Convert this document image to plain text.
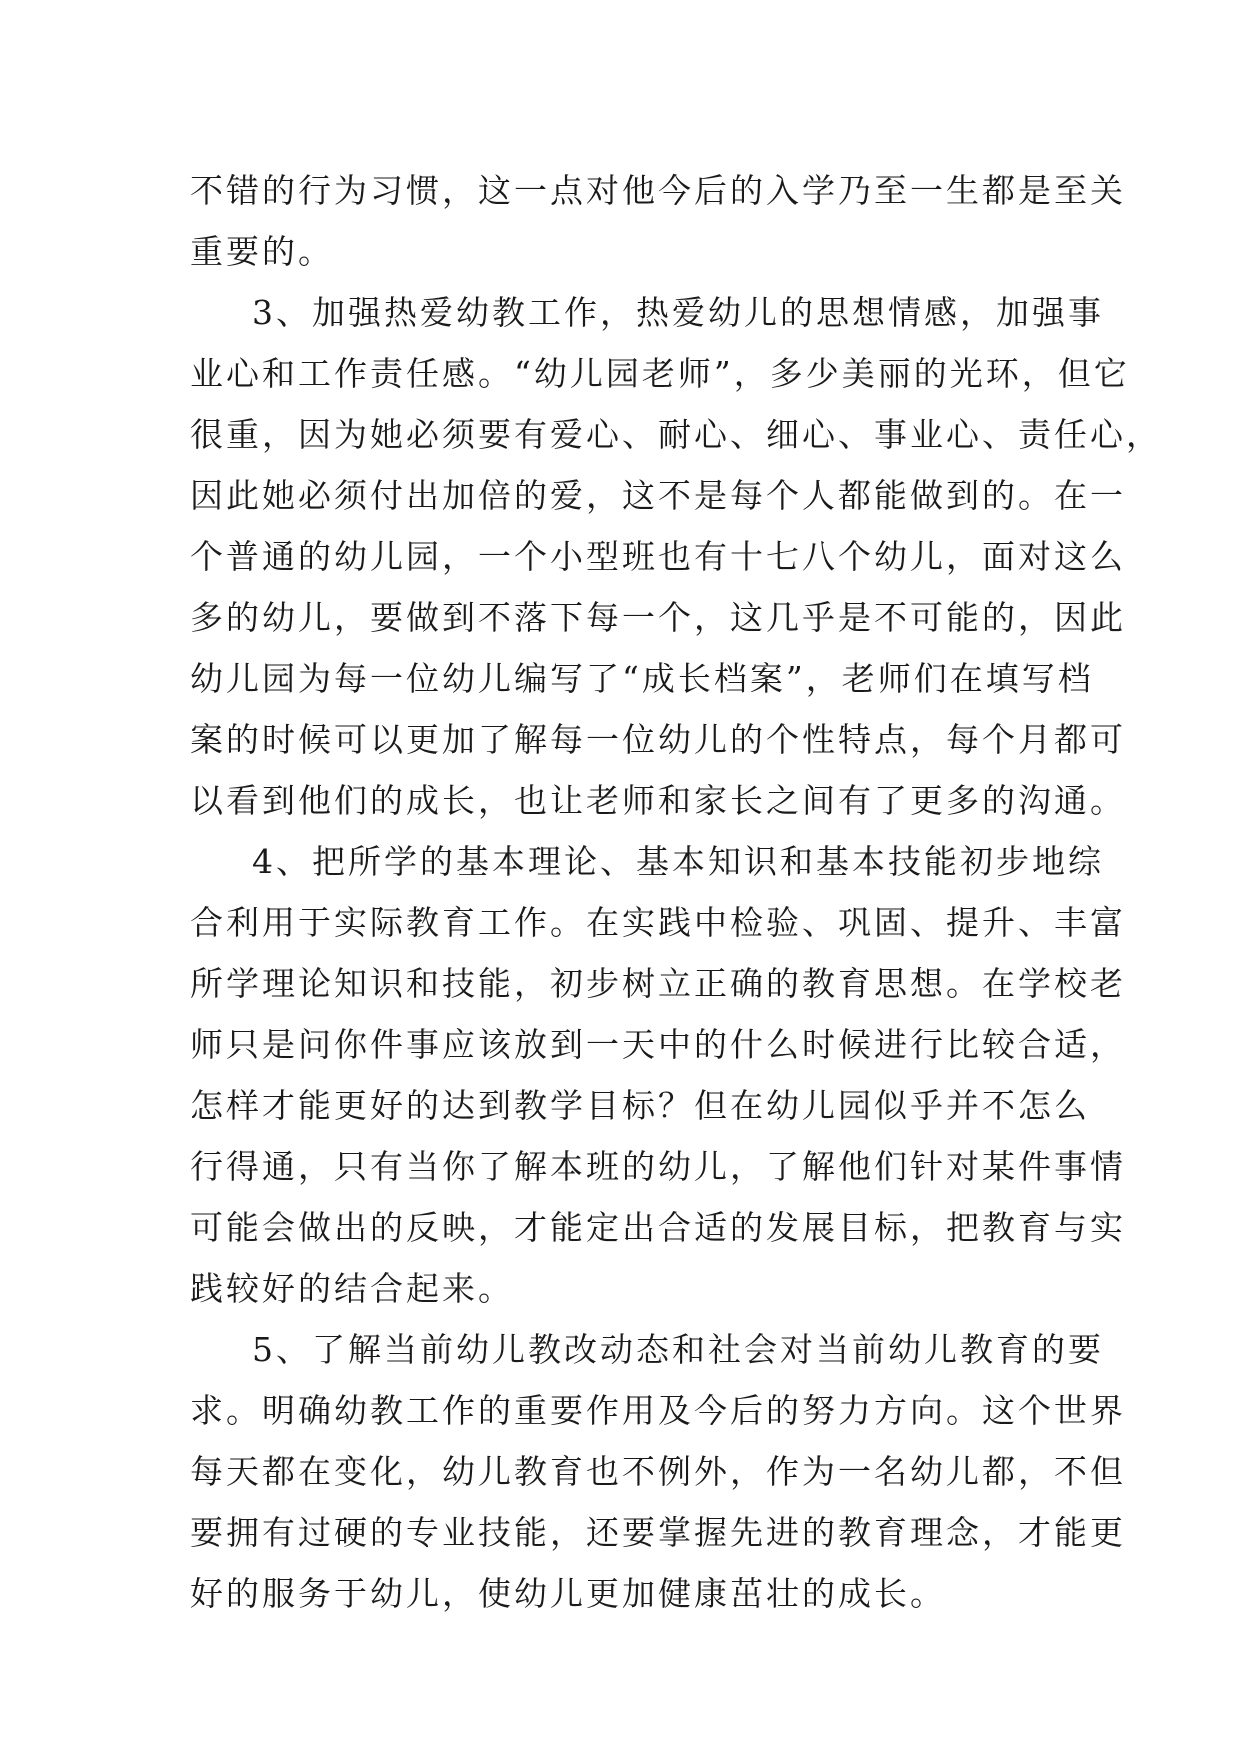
不错的行为习惯，这一点对他今后的入学乃至一生都是至关
重要的。
3、加强热爱幼教工作，热爱幼儿的思想情感，加强事
业心和工作责任感。“幼儿园老师”，多少美丽的光环，但它
很重，因为她必须要有爱心、耐心、细心、事业心、责任心，
因此她必须付出加倍的爱，这不是每个人都能做到的。在一
个普通的幼儿园，一个小型班也有十七八个幼儿，面对这么
多的幼儿，要做到不落下每一个，这几乎是不可能的，因此
幼儿园为每一位幼儿编写了“成长档案”，老师们在填写档
案的时候可以更加了解每一位幼儿的个性特点，每个月都可
以看到他们的成长，也让老师和家长之间有了更多的沟通。
4、把所学的基本理论、基本知识和基本技能初步地综
合利用于实际教育工作。在实践中检验、巩固、提升、丰富
所学理论知识和技能，初步树立正确的教育思想。在学校老
师只是问你件事应该放到一天中的什么时候进行比较合适，
怎样才能更好的达到教学目标？但在幼儿园似乎并不怎么
行得通，只有当你了解本班的幼儿，了解他们针对某件事情
可能会做出的反映，才能定出合适的发展目标，把教育与实
践较好的结合起来。
5、了解当前幼儿教改动态和社会对当前幼儿教育的要
求。明确幼教工作的重要作用及今后的努力方向。这个世界
每天都在变化，幼儿教育也不例外，作为一名幼儿都，不但
要拥有过硬的专业技能，还要掌握先进的教育理念，才能更
好的服务于幼儿，使幼儿更加健康茁壮的成长。
